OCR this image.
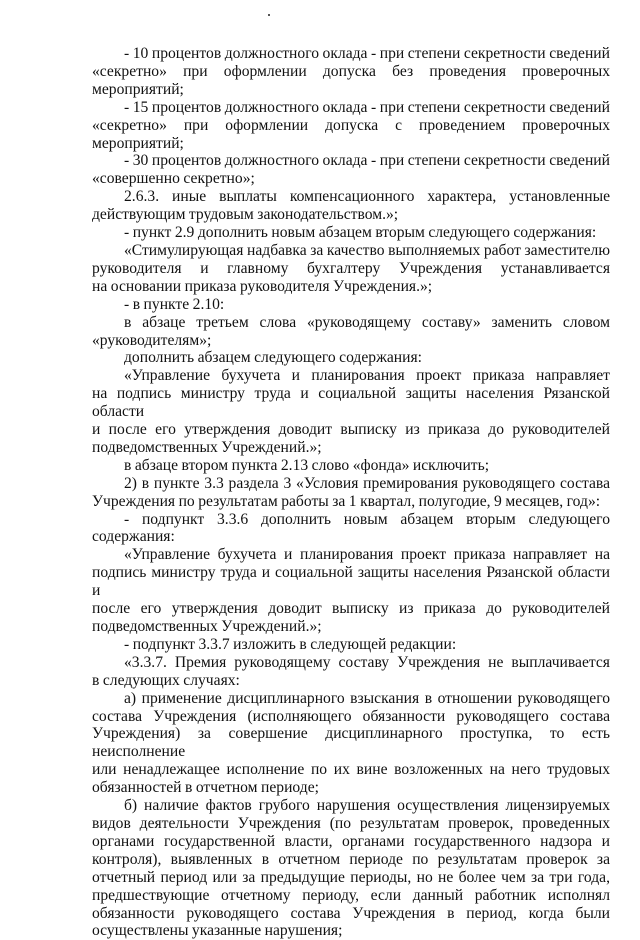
- 10 процентов должностного оклада - при степени секретности сведений
«секретно» при оформлении допуска без проведения проверочных
мероприятий;
- 15 процентов должностного оклада - при степени секретности сведений
«секретно» при оформлении допуска с проведением проверочных мероприятий;
- 30 процентов должностного оклада - при степени секретности сведений
«совершенно секретно»;
2.6.3. иные выплаты компенсационного характера, установленные
действующим трудовым законодательством.»;
- пункт 2.9 дополнить новым абзацем вторым следующего содержания:
«Стимулирующая надбавка за качество выполняемых работ заместителю
руководителя и главному бухгалтеру Учреждения устанавливается
на основании приказа руководителя Учреждения.»;
- в пункте 2.10:
в абзаце третьем слова «руководящему составу» заменить словом
«руководителям»;
дополнить абзацем следующего содержания:
«Управление бухучета и планирования проект приказа направляет
на подпись министру труда и социальной защиты населения Рязанской области
и после его утверждения доводит выписку из приказа до руководителей
подведомственных Учреждений.»;
в абзаце втором пункта 2.13 слово «фонда» исключить;
2) в пункте 3.3 раздела 3 «Условия премирования руководящего состава
Учреждения по результатам работы за 1 квартал, полугодие, 9 месяцев, год»:
- подпункт 3.3.6 дополнить новым абзацем вторым следующего
содержания:
«Управление бухучета и планирования проект приказа направляет на
подпись министру труда и социальной защиты населения Рязанской области и
после его утверждения доводит выписку из приказа до руководителей
подведомственных Учреждений.»;
- подпункт 3.3.7 изложить в следующей редакции:
«3.3.7. Премия руководящему составу Учреждения не выплачивается
в следующих случаях:
а) применение дисциплинарного взыскания в отношении руководящего
состава Учреждения (исполняющего обязанности руководящего состава
Учреждения) за совершение дисциплинарного проступка, то есть неисполнение
или ненадлежащее исполнение по их вине возложенных на него трудовых
обязанностей в отчетном периоде;
б) наличие фактов грубого нарушения осуществления лицензируемых
видов деятельности Учреждения (по результатам проверок, проведенных
органами государственной власти, органами государственного надзора и
контроля), выявленных в отчетном периоде по результатам проверок за
отчетный период или за предыдущие периоды, но не более чем за три года,
предшествующие отчетному периоду, если данный работник исполнял
обязанности руководящего состава Учреждения в период, когда были
осуществлены указанные нарушения;
